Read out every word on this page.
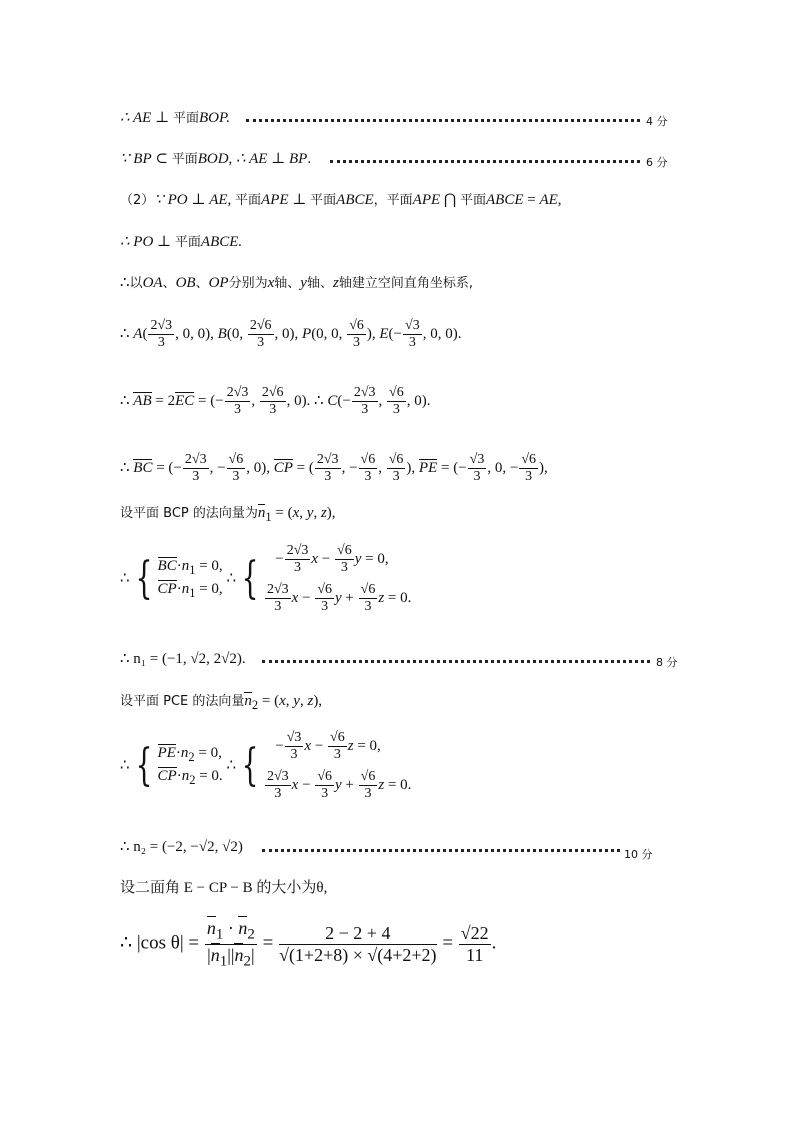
∴ AE ⊥ 平面BOP.	4 分
∵ BP ⊂ 平面BOD, ∴ AE ⊥ BP.	6 分
（2）∵ PO ⊥ AE, 平面APE ⊥ 平面ABCE，平面APE ⋂ 平面ABCE = AE,
∴ PO ⊥ 平面ABCE.
∴以OA、OB、OP分别为x轴、y轴、z轴建立空间直角坐标系,
∴ $A( \frac{2√3}{3}$ , 0, 0), B(0, $\frac{2√6}{3}$ , 0), P(0, 0, $\frac{√6}{3}$ ), $E(- \frac{√3}{3}$ , 0, 0).
∴ AB = 2EC = (− $\frac{2√3}{3}$ , $\frac{2√6}{3}$ , 0). ∴ $C(- \frac{2√3}{3}$ , $\frac{√6}{3}$ , 0).
∴ BC = (− $\frac{2√3}{3}$ , − $\frac{√6}{3}$ , 0), CP = ( $\frac{2√3}{3}$ , − $\frac{√6}{3}$ , $\frac{√6}{3}$ ), PE = (− $\frac{√3}{3}$ , 0, − $\frac{√6}{3}$ ),
设平面 BCP 的法向量为$n_1 = (x$, y, z),
∴ { $BC\cdot n_1 = 0$,
$CP\cdot n_1 = 0$,
∴ { − $\frac{2√3}{3}$ $x - \frac{√6}{3}$ y = 0,
$\frac{2√3}{3}$ $x - \frac{√6}{3}$ $y + \frac{√6}{3}$ z = 0.
∴ n₁ = (−1, √2, 2√2).	8 分
设平面 PCE 的法向量$n_2 = (x$, y, z),
∴ { $PE\cdot n_2 = 0$,
$CP\cdot n_2 = 0$.
∴ { − $\frac{√3}{3}$ $x - \frac{√6}{3}$ z = 0,
$\frac{2√3}{3}$ $x - \frac{√6}{3}$ $y + \frac{√6}{3}$ z = 0.
∴ n₂ = (−2, −√2, √2)	10 分
设二面角 E − CP − B 的大小为θ,
∴ |cos $\theta| = \frac{n_1 \cdot n_2}{|n_1||n_2|} = \frac{2 - 2 + 4}{√(1+2+8) \times √(4+2+2)} = \frac{√22}{11}$ .
